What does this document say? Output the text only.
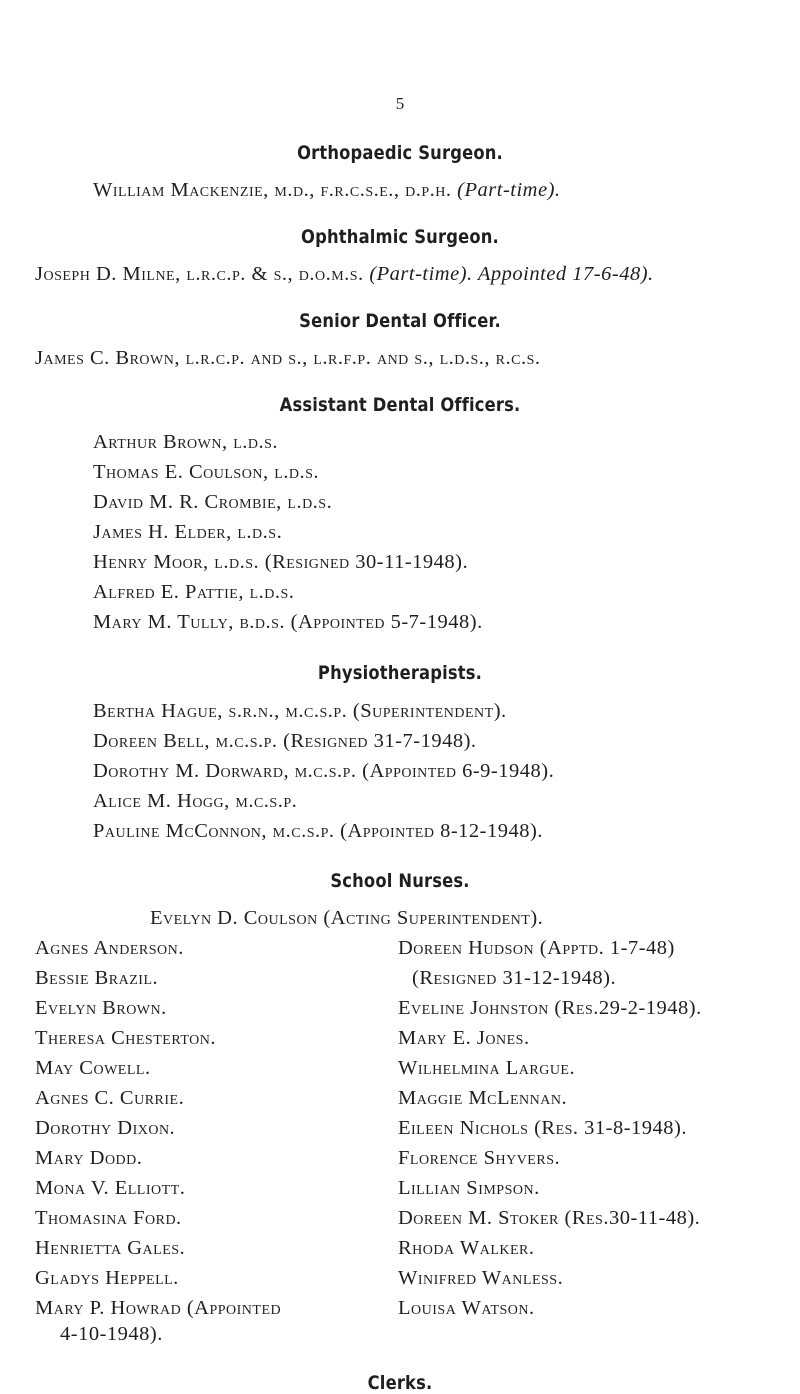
5
Orthopaedic Surgeon.
William Mackenzie, m.d., f.r.c.s.e., d.p.h. (Part-time).
Ophthalmic Surgeon.
Joseph D. Milne, l.r.c.p. & s., d.o.m.s. (Part-time). Appointed 17-6-48).
Senior Dental Officer.
James C. Brown, l.r.c.p. and s., l.r.f.p. and s., l.d.s., r.c.s.
Assistant Dental Officers.
Arthur Brown, l.d.s.
Thomas E. Coulson, l.d.s.
David M. R. Crombie, l.d.s.
James H. Elder, l.d.s.
Henry Moor, l.d.s. (Resigned 30-11-1948).
Alfred E. Pattie, l.d.s.
Mary M. Tully, b.d.s. (Appointed 5-7-1948).
Physiotherapists.
Bertha Hague, s.r.n., m.c.s.p. (Superintendent).
Doreen Bell, m.c.s.p. (Resigned 31-7-1948).
Dorothy M. Dorward, m.c.s.p. (Appointed 6-9-1948).
Alice M. Hogg, m.c.s.p.
Pauline McConnon, m.c.s.p. (Appointed 8-12-1948).
School Nurses.
Evelyn D. Coulson (Acting Superintendent).
Agnes Anderson.
Bessie Brazil.
Evelyn Brown.
Theresa Chesterton.
May Cowell.
Agnes C. Currie.
Dorothy Dixon.
Mary Dodd.
Mona V. Elliott.
Thomasina Ford.
Henrietta Gales.
Gladys Heppell.
Mary P. Howrad (Appointed
4-10-1948).
Doreen Hudson (Apptd. 1-7-48)
(Resigned 31-12-1948).
Eveline Johnston (Res.29-2-1948).
Mary E. Jones.
Wilhelmina Largue.
Maggie McLennan.
Eileen Nichols (Res. 31-8-1948).
Florence Shyvers.
Lillian Simpson.
Doreen M. Stoker (Res.30-11-48).
Rhoda Walker.
Winifred Wanless.
Louisa Watson.
Clerks.
